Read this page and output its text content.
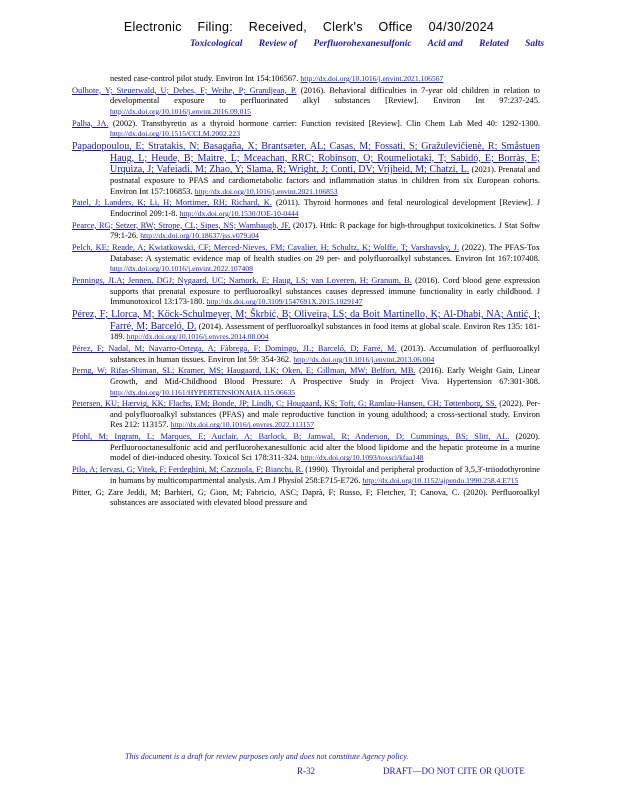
Electronic Filing: Received, Clerk's Office 04/30/2024
Toxicological Review of Perfluorohexanesulfonic Acid and Related Salts
nested case-control pilot study. Environ Int 154:106567. http://dx.doi.org/10.1016/j.envint.2021.106567
Oulhote, Y; Steuerwald, U; Debes, F; Weihe, P; Grandjean, P. (2016). Behavioral difficulties in 7-year old children in relation to developmental exposure to perfluorinated alkyl substances [Review]. Environ Int 97:237-245. http://dx.doi.org/10.1016/j.envint.2016.09.015
Palha, JA. (2002). Transthyretin as a thyroid hormone carrier: Function revisited [Review]. Clin Chem Lab Med 40: 1292-1300. http://dx.doi.org/10.1515/CCLM.2002.223
Papadopoulou, E; Stratakis, N; Basagaña, X; Brantsæter, AL; Casas, M; Fossati, S; Gražulevičienė, R; Småstuen Haug, L; Heude, B; Maitre, L; Mceachan, RRC; Robinson, O; Roumeliotaki, T; Sabidó, E; Borràs, E; Urquiza, J; Vafeiadi, M; Zhao, Y; Slama, R; Wright, J; Conti, DV; Vrijheid, M; Chatzi, L. (2021). Prenatal and postnatal exposure to PFAS and cardiometabolic factors and inflammation status in children from six European cohorts. Environ Int 157:106853. http://dx.doi.org/10.1016/j.envint.2021.106853
Patel, J; Landers, K; Li, H; Mortimer, RH; Richard, K. (2011). Thyroid hormones and fetal neurological development [Review]. J Endocrinol 209:1-8. http://dx.doi.org/10.1530/JOE-10-0444
Pearce, RG; Setzer, RW; Strope, CL; Sipes, NS; Wambaugh, JF. (2017). Httk: R package for high-throughput toxicokinetics. J Stat Softw 79:1-26. http://dx.doi.org/10.18637/jss.v079.i04
Pelch, KE; Reade, A; Kwiatkowski, CF; Merced-Nieves, FM; Cavalier, H; Schultz, K; Wolffe, T; Varshavsky, J. (2022). The PFAS-Tox Database: A systematic evidence map of health studies on 29 per- and polyfluoroalkyl substances. Environ Int 167:107408. http://dx.doi.org/10.1016/j.envint.2022.107408
Pennings, JLA; Jennen, DGJ; Nygaard, UC; Namork, E; Haug, LS; van Loveren, H; Granum, B. (2016). Cord blood gene expression supports that prenatal exposure to perfluoroalkyl substances causes depressed immune functionality in early childhood. J Immunotoxicol 13:173-180. http://dx.doi.org/10.3109/1547691X.2015.1029147
Pérez, F; Llorca, M; Köck-Schulmeyer, M; Škrbić, B; Oliveira, LS; da Boit Martinello, K; Al-Dhabi, NA; Antić, I; Farré, M; Barceló, D. (2014). Assessment of perfluoroalkyl substances in food items at global scale. Environ Res 135: 181-189. http://dx.doi.org/10.1016/j.envres.2014.08.004
Pérez, F; Nadal, M; Navarro-Ortega, A; Fàbrega, F; Domingo, JL; Barceló, D; Farré, M. (2013). Accumulation of perfluoroalkyl substances in human tissues. Environ Int 59: 354-362. http://dx.doi.org/10.1016/j.envint.2013.06.004
Perng, W; Rifas-Shiman, SL; Kramer, MS; Haugaard, LK; Oken, E; Gillman, MW; Belfort, MB. (2016). Early Weight Gain, Linear Growth, and Mid-Childhood Blood Pressure: A Prospective Study in Project Viva. Hypertension 67:301-308. http://dx.doi.org/10.1161/HYPERTENSIONAHA.115.06635
Petersen, KU; Hærvig, KK; Flachs, EM; Bonde, JP; Lindh, C; Hougaard, KS; Toft, G; Ramlau-Hansen, CH; Tøttenborg, SS. (2022). Per- and polyfluoroalkyl substances (PFAS) and male reproductive function in young adulthood; a cross-sectional study. Environ Res 212: 113157. http://dx.doi.org/10.1016/j.envres.2022.113157
Pfohl, M; Ingram, L; Marques, E; Auclair, A; Barlock, B; Jamwal, R; Anderson, D; Cummings, BS; Slitt, AL. (2020). Perfluorooctanesulfonic acid and perfluorohexanesulfonic acid alter the blood lipidome and the hepatic proteome in a murine model of diet-induced obesity. Toxicol Sci 178:311-324. http://dx.doi.org/10.1093/toxsci/kfaa148
Pilo, A; Iervasi, G; Vitek, F; Ferdeghini, M; Cazzuola, F; Bianchi, R. (1990). Thyroidal and peripheral production of 3,5,3'-triiodothyronine in humans by multicompartmental analysis. Am J Physiol 258:E715-E726. http://dx.doi.org/10.1152/ajpendo.1990.258.4.E715
Pitter, G; Zare Jeddi, M; Barbieri, G; Gion, M; Fabricio, ASC; Daprà, F; Russo, F; Fletcher, T; Canova, C. (2020). Perfluoroalkyl substances are associated with elevated blood pressure and
This document is a draft for review purposes only and does not constitute Agency policy.
R-32	DRAFT—DO NOT CITE OR QUOTE
